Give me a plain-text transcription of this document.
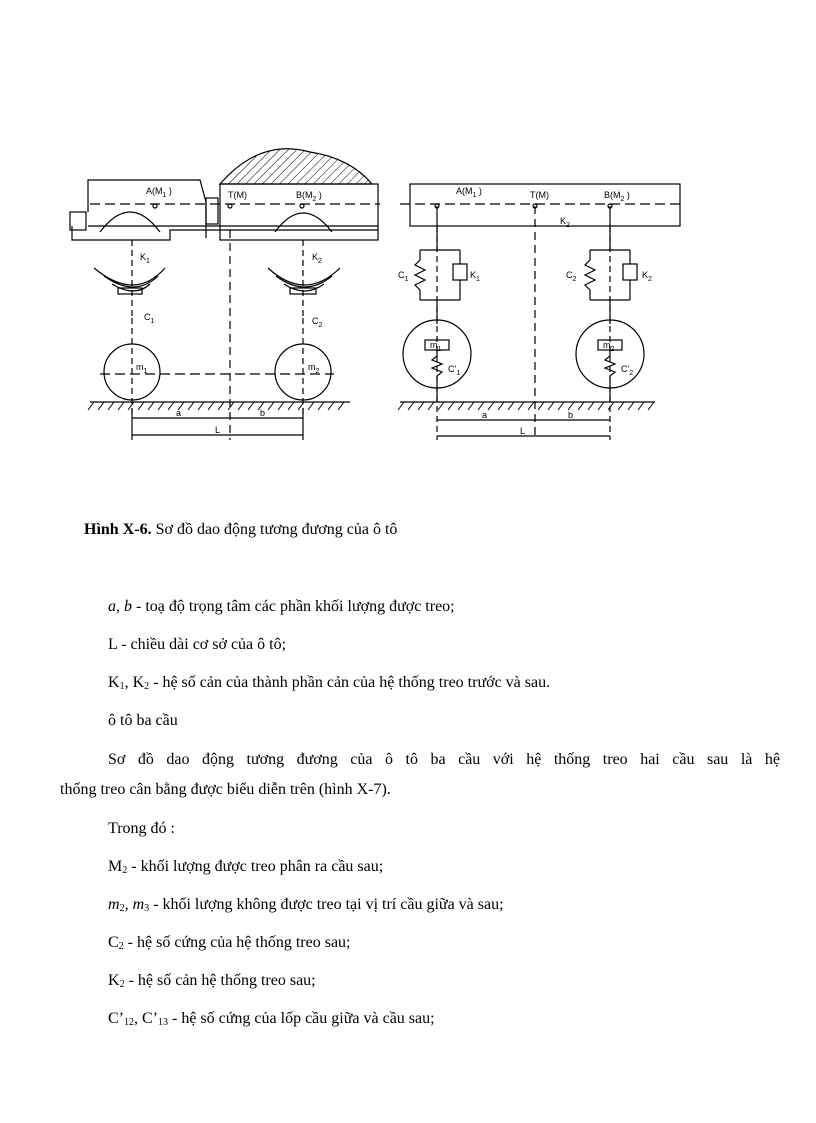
$A(M_1$ )	T(M)	$B(M_2$ )
$K_1$	$K_2$
$C_1$	$C_2$
$m_1$	$m_2$
a	b
L
$A(M_1$ )	T(M)	$B(M_2$ )
$K_2$
$C_1$	$K_1$	$C_2$	$K_2$
$m_1$	$m_2$
$C'_1$	$C'_2$
a	b
L
Hình X-6. Sơ đồ dao động tương đương của ô tô
a, b - toạ độ trọng tâm các phần khối lượng được treo;
L - chiều dài cơ sở của ô tô;
$K_1$, $K_2$ - hệ số cản của thành phần cản của hệ thống treo trước và sau.
ô tô ba cầu
Sơ đồ dao động tương đương của ô tô ba cầu với hệ thống treo hai cầu sau là hệ
thống treo cân bằng được biểu diễn trên (hình X-7).
Trong đó :
$M_2$ - khối lượng được treo phân ra cầu sau;
$m_2$, $m_3$ - khối lượng không được treo tại vị trí cầu giữa và sau;
$C_2$ - hệ số cứng của hệ thống treo sau;
$K_2$ - hệ số cản hệ thống treo sau;
$C’_{12}$, $C’_{13}$ - hệ số cứng của lốp cầu giữa và cầu sau;
